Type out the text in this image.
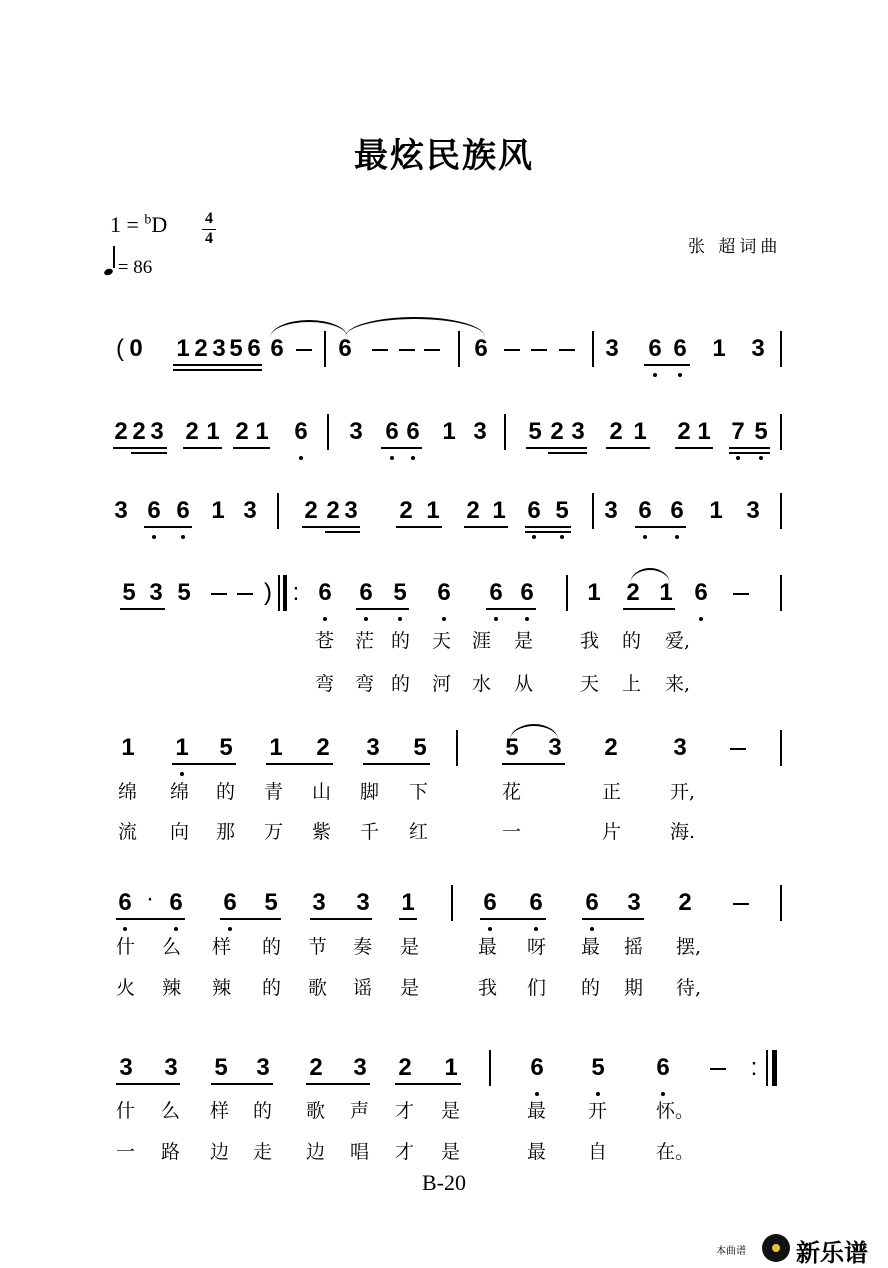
最炫民族风
1 = $^b$D 4
4
= 86
张 超词曲
( 0 1 2 3 5 6 6 6	6	3 6 6 1 3
2 2 3 2 1 2 1 6 3 6 6 1 3 5 2 3 2 1 2 1 7 5
3 6 6 1 3 2 2 3 2 1 2 1 6 5 3 6 6 1 3
5 3 5	) : 6 6 5 6 6 6 1 2 1 6
苍 茫 的 天 涯 是 我 的 爱,
弯 弯 的 河 水 从 天 上 来,
1 1 5 1 2 3 5	5 3 2 3
绵 绵 的 青 山 脚 下	花	正	开,
流 向 那 万 紫 千 红	一	片	海.
6 · 6 6 5 3 3 1	6 6 6 3 2
什 么 样 的 节 奏 是	最 呀 最 摇 摆,
火 辣 辣 的 歌 谣 是	我 们 的 期 待,
3 3 5 3 2 3 2 1	6 5 6	:
什 么 样 的 歌 声 才 是	最 开	怀。
一 路 边 走 边 唱 才 是	最 自	在。
B-20
本曲谱 新乐谱
